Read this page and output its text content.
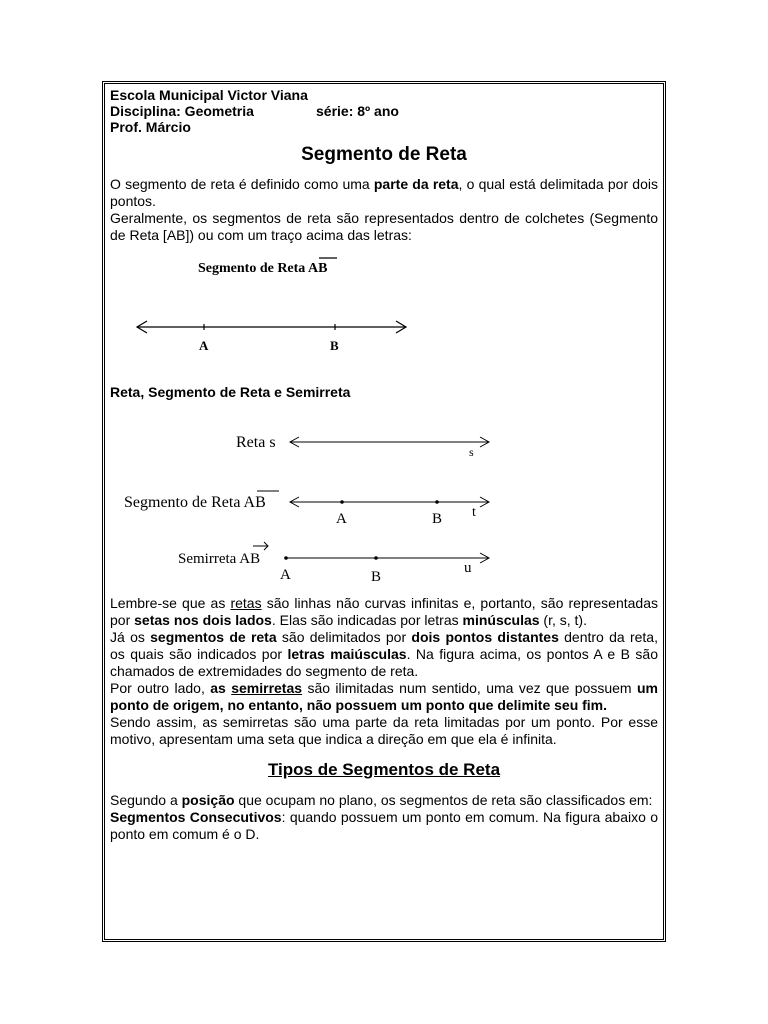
Escola Municipal Victor Viana
Disciplina: Geometria	série: 8º ano
Prof. Márcio
Segmento de Reta

O segmento de reta é definido como uma parte da reta, o qual está delimitada por dois pontos.

Geralmente, os segmentos de reta são representados dentro de colchetes (Segmento de Reta [AB]) ou com um traço acima das letras:

Segmento de Reta AB
A	B

Reta, Segmento de Reta e Semirreta

Reta s
s
Segmento de Reta AB
A	B t
Semirreta AB
A	B
u

Lembre-se que as retas são linhas não curvas infinitas e, portanto, são representadas por setas nos dois lados. Elas são indicadas por letras minúsculas (r, s, t).

Já os segmentos de reta são delimitados por dois pontos distantes dentro da reta, os quais são indicados por letras maiúsculas. Na figura acima, os pontos A e B são chamados de extremidades do segmento de reta.

Por outro lado, as semirretas são ilimitadas num sentido, uma vez que possuem um ponto de origem, no entanto, não possuem um ponto que delimite seu fim.

Sendo assim, as semirretas são uma parte da reta limitadas por um ponto. Por esse motivo, apresentam uma seta que indica a direção em que ela é infinita.

Tipos de Segmentos de Reta

Segundo a posição que ocupam no plano, os segmentos de reta são classificados em:

Segmentos Consecutivos: quando possuem um ponto em comum. Na figura abaixo o ponto em comum é o D.
